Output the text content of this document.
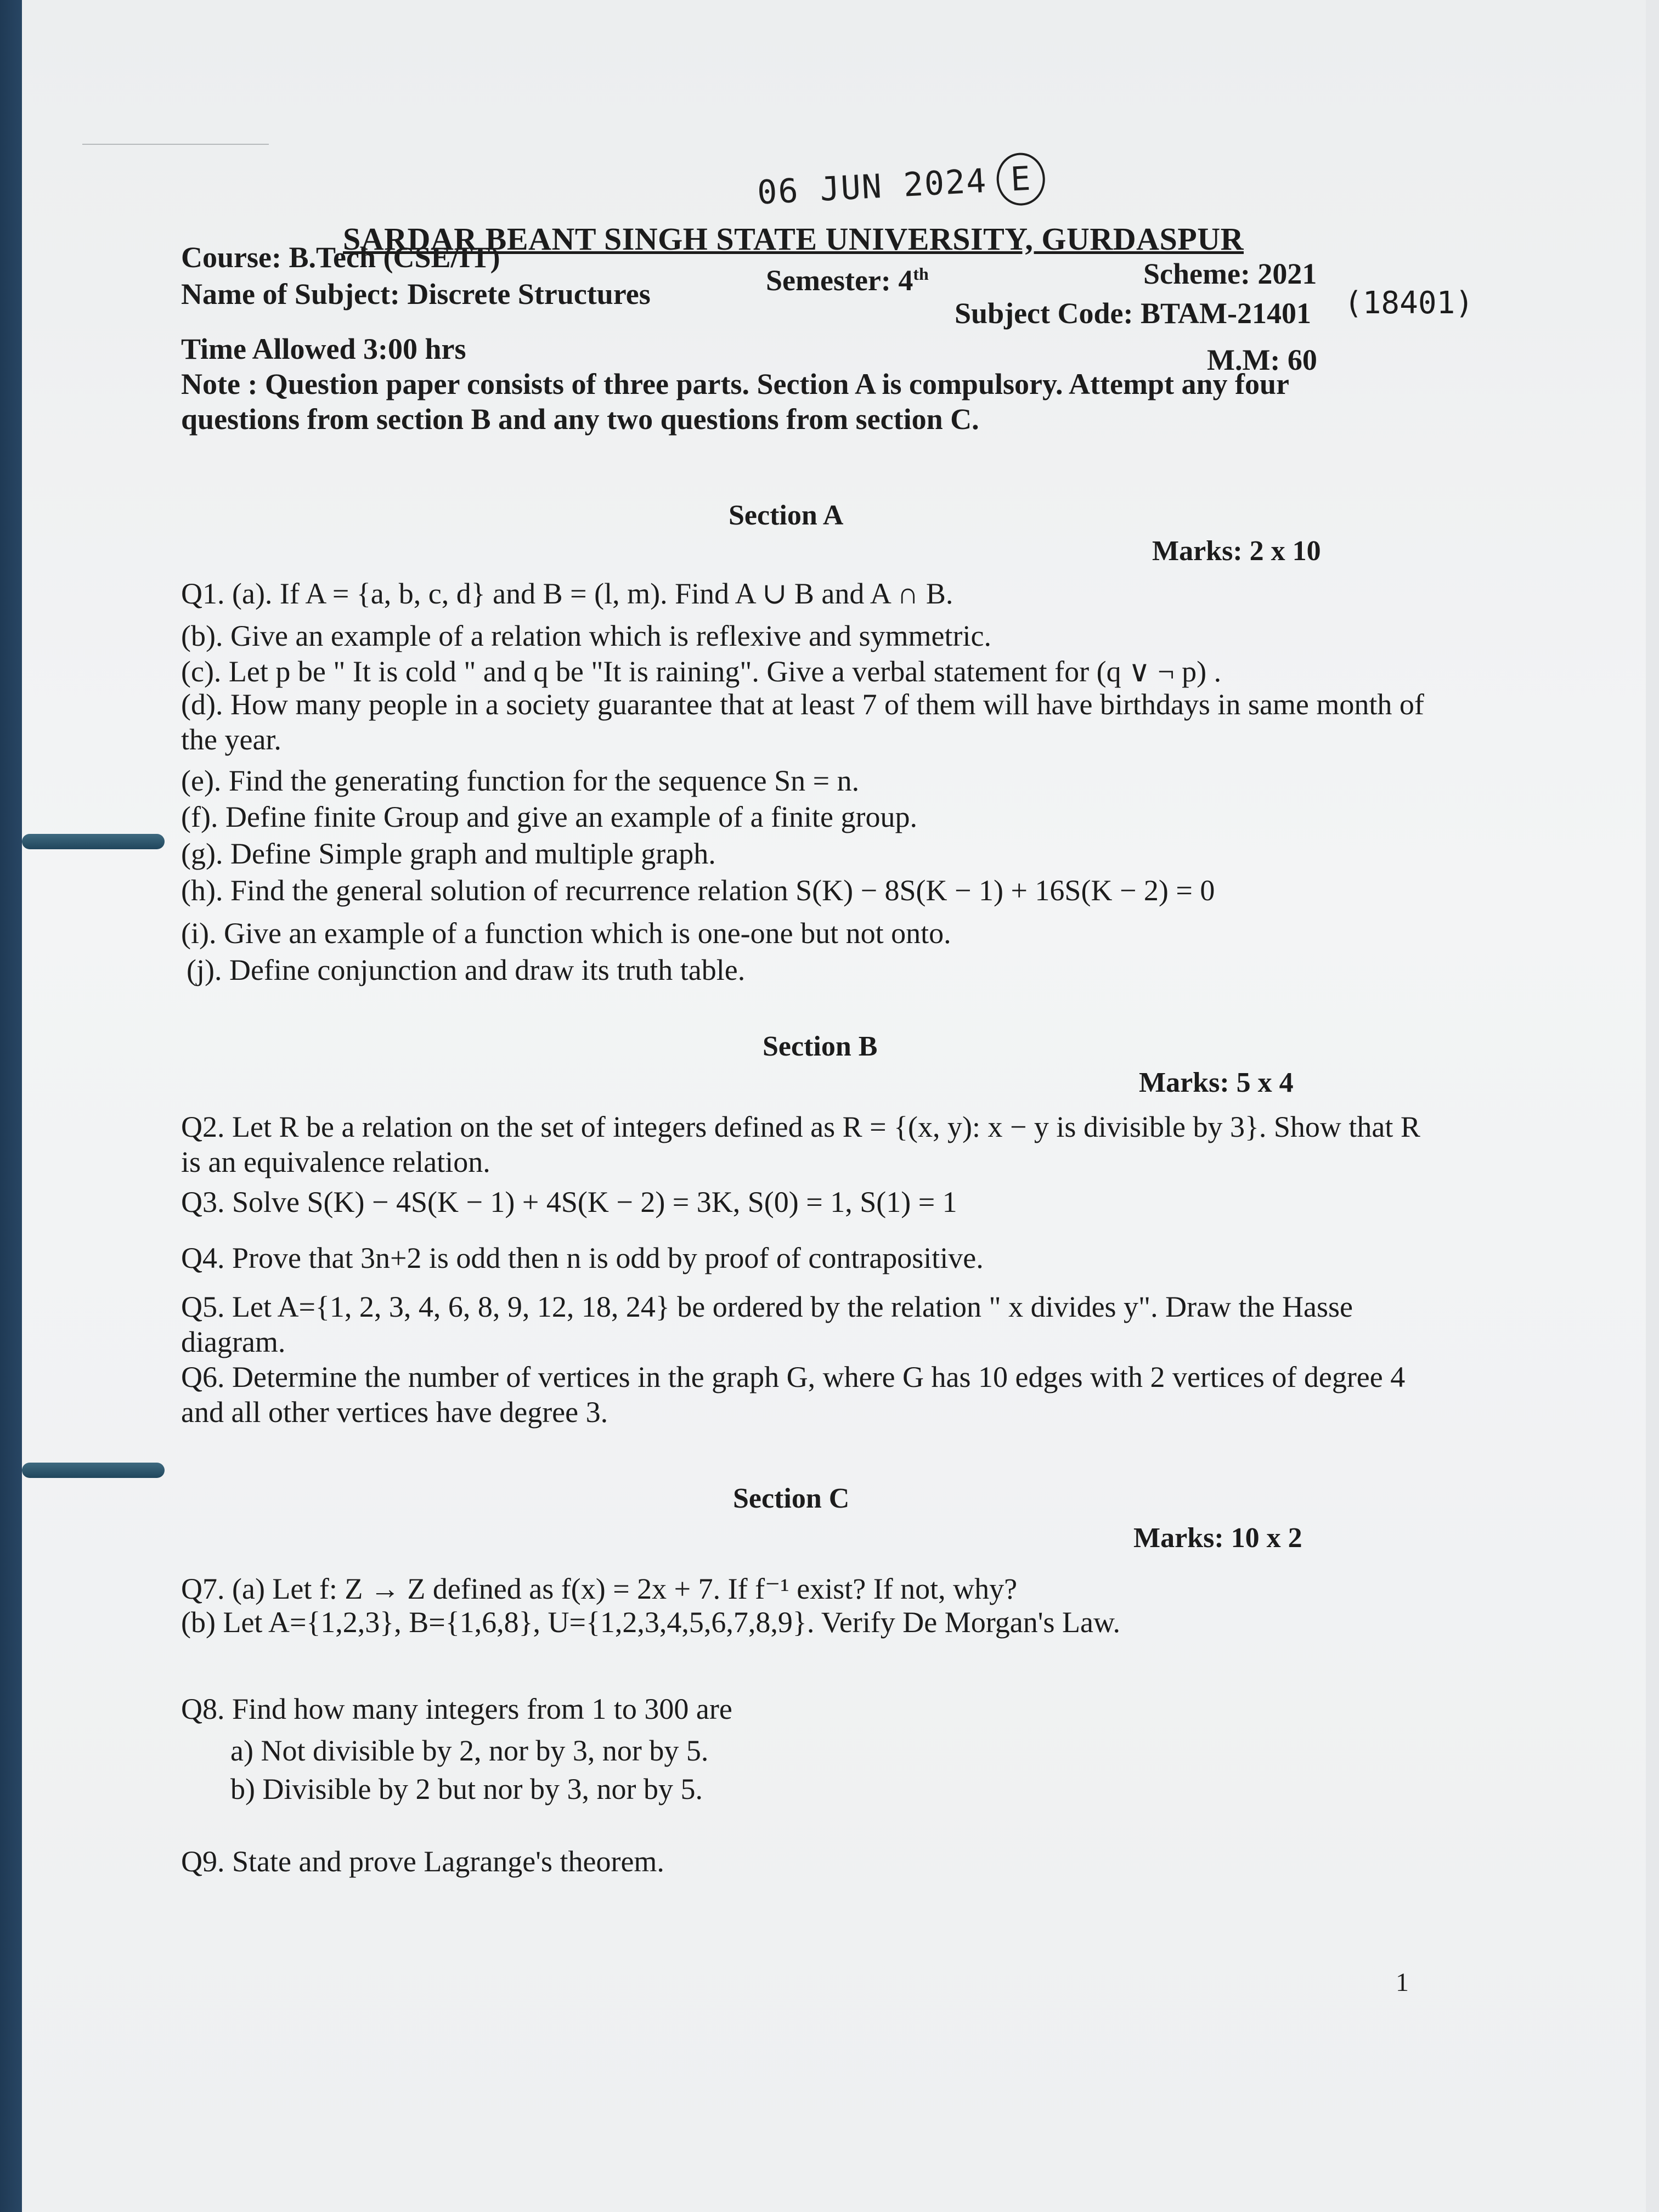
06 JUN 2024 E
SARDAR BEANT SINGH STATE UNIVERSITY, GURDASPUR
Course: B.Tech (CSE/IT)
Semester: 4th	Scheme: 2021
Name of Subject: Discrete Structures
Subject Code: BTAM-21401 (18401)
Time Allowed 3:00 hrs	M.M: 60
Note : Question paper consists of three parts. Section A is compulsory. Attempt any four questions from section B and any two questions from section C.
Section A
Marks: 2 x 10
Q1. (a). If A = {a, b, c, d} and B = (l, m). Find A ∪ B and A ∩ B.
(b). Give an example of a relation which is reflexive and symmetric.
(c). Let p be " It is cold " and q be "It is raining". Give a verbal statement for (q ∨ ¬ p) .
(d). How many people in a society guarantee that at least 7 of them will have birthdays in same month of the year.
(e). Find the generating function for the sequence Sn = n.
(f). Define finite Group and give an example of a finite group.
(g). Define Simple graph and multiple graph.
(h). Find the general solution of recurrence relation S(K) − 8S(K − 1) + 16S(K − 2) = 0
(i). Give an example of a function which is one-one but not onto.
(j). Define conjunction and draw its truth table.
Section B
Marks: 5 x 4
Q2. Let R be a relation on the set of integers defined as R = {(x, y): x − y is divisible by 3}. Show that R is an equivalence relation.
Q3. Solve S(K) − 4S(K − 1) + 4S(K − 2) = 3K, S(0) = 1, S(1) = 1
Q4. Prove that 3n+2 is odd then n is odd by proof of contrapositive.
Q5. Let A={1, 2, 3, 4, 6, 8, 9, 12, 18, 24} be ordered by the relation " x divides y". Draw the Hasse diagram.
Q6. Determine the number of vertices in the graph G, where G has 10 edges with 2 vertices of degree 4 and all other vertices have degree 3.
Section C
Marks: 10 x 2
Q7. (a) Let f: Z → Z defined as f(x) = 2x + 7. If f⁻¹ exist? If not, why?
(b) Let A={1,2,3}, B={1,6,8}, U={1,2,3,4,5,6,7,8,9}. Verify De Morgan's Law.
Q8. Find how many integers from 1 to 300 are
a) Not divisible by 2, nor by 3, nor by 5.
b) Divisible by 2 but nor by 3, nor by 5.
Q9. State and prove Lagrange's theorem.
1
